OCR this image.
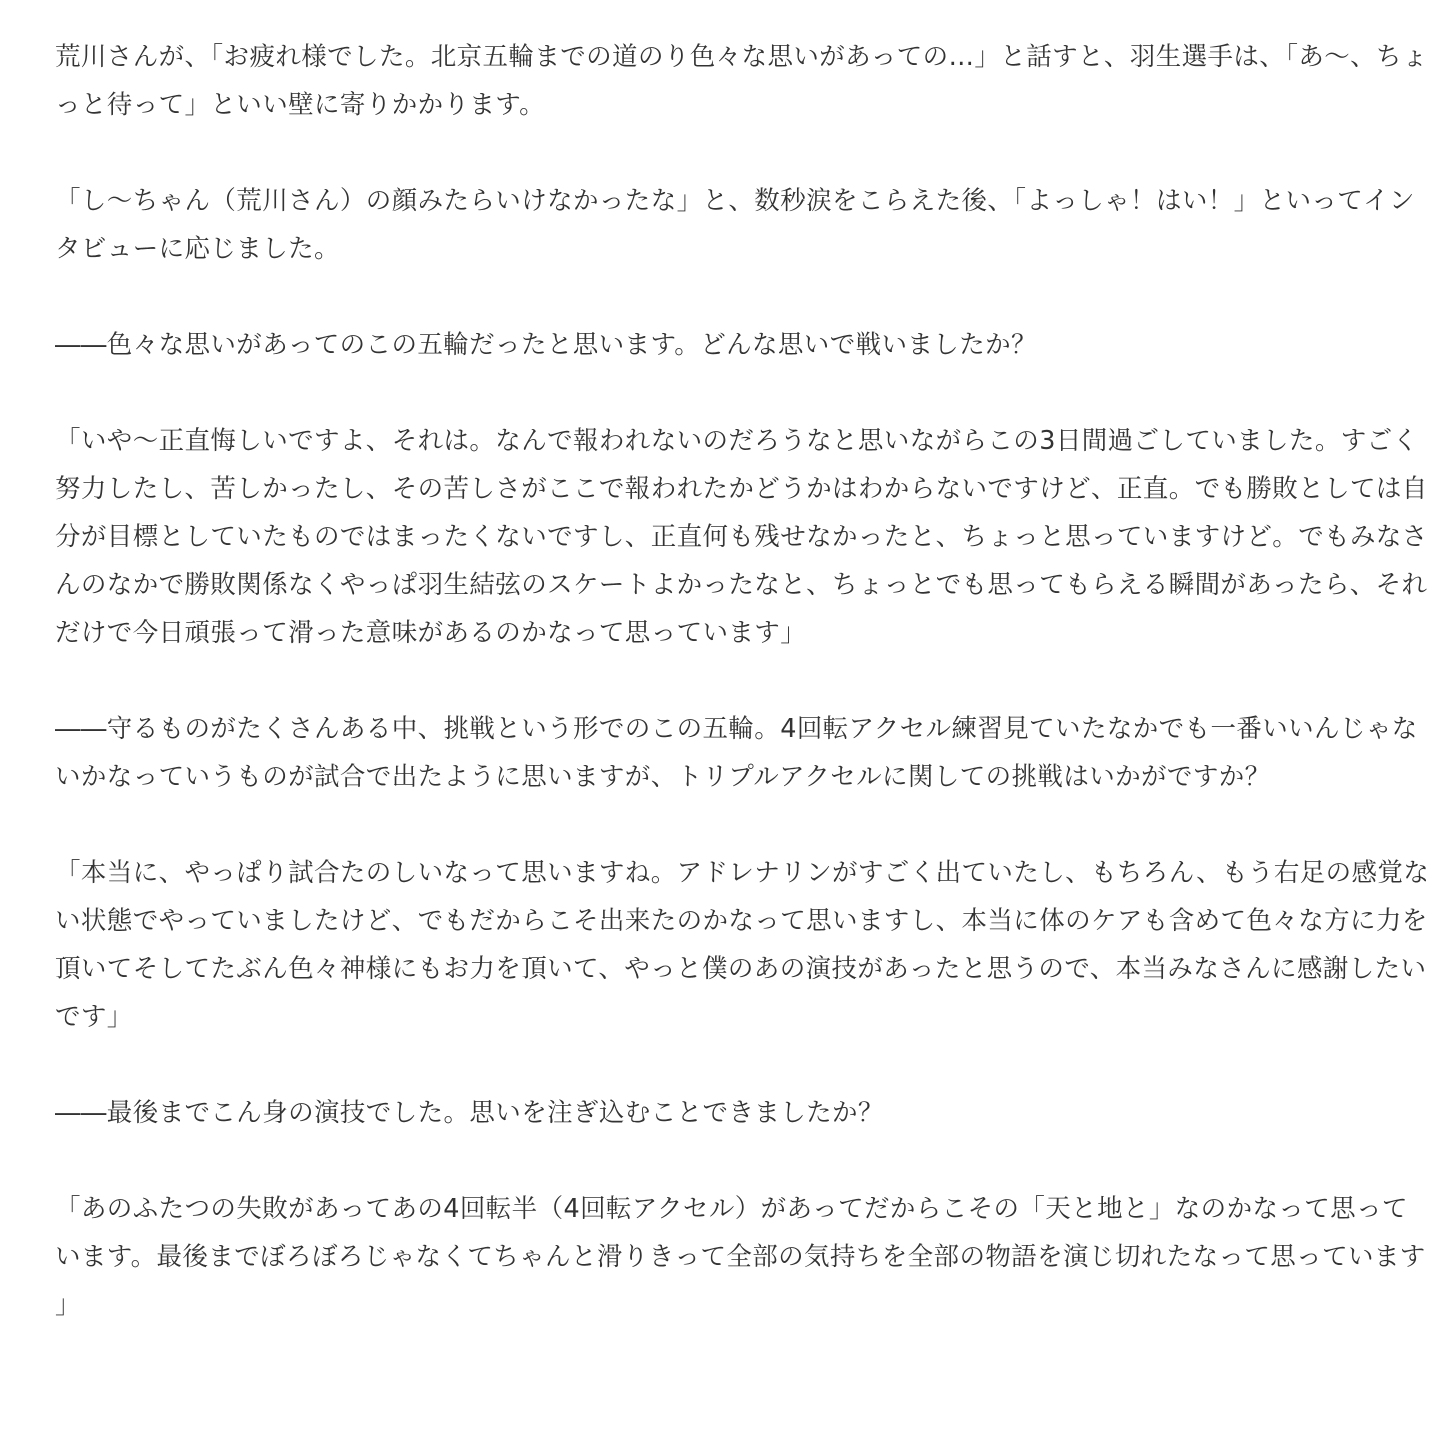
荒川さんが、「お疲れ様でした。北京五輪までの道のり色々な思いがあっての…」と話すと、羽生選手は、「あ〜、ちょっと待って」といい壁に寄りかかります。

「し〜ちゃん（荒川さん）の顔みたらいけなかったな」と、数秒涙をこらえた後、「よっしゃ！はい！」といってインタビューに応じました。

――色々な思いがあってのこの五輪だったと思います。どんな思いで戦いましたか？

「いや〜正直悔しいですよ、それは。なんで報われないのだろうなと思いながらこの3日間過ごしていました。すごく努力したし、苦しかったし、その苦しさがここで報われたかどうかはわからないですけど、正直。でも勝敗としては自分が目標としていたものではまったくないですし、正直何も残せなかったと、ちょっと思っていますけど。でもみなさんのなかで勝敗関係なくやっぱ羽生結弦のスケートよかったなと、ちょっとでも思ってもらえる瞬間があったら、それだけで今日頑張って滑った意味があるのかなって思っています」

――守るものがたくさんある中、挑戦という形でのこの五輪。4回転アクセル練習見ていたなかでも一番いいんじゃないかなっていうものが試合で出たように思いますが、トリプルアクセルに関しての挑戦はいかがですか？

「本当に、やっぱり試合たのしいなって思いますね。アドレナリンがすごく出ていたし、もちろん、もう右足の感覚ない状態でやっていましたけど、でもだからこそ出来たのかなって思いますし、本当に体のケアも含めて色々な方に力を頂いてそしてたぶん色々神様にもお力を頂いて、やっと僕のあの演技があったと思うので、本当みなさんに感謝したいです」

――最後までこん身の演技でした。思いを注ぎ込むことできましたか？

「あのふたつの失敗があってあの4回転半（4回転アクセル）があってだからこその「天と地と」なのかなって思っています。最後までぼろぼろじゃなくてちゃんと滑りきって全部の気持ちを全部の物語を演じ切れたなって思っています」
